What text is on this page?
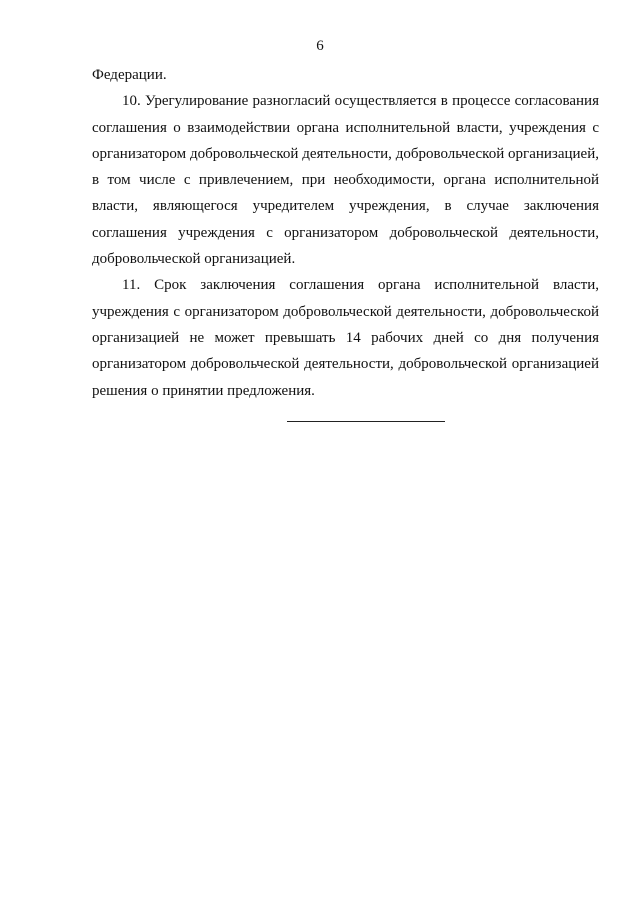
6

Федерации.

10. Урегулирование разногласий осуществляется в процессе согласования соглашения о взаимодействии органа исполнительной власти, учреждения с организатором добровольческой деятельности, добровольческой организацией, в том числе с привлечением, при необходимости, органа исполнительной власти, являющегося учредителем учреждения, в случае заключения соглашения учреждения с организатором добровольческой деятельности, добровольческой организацией.

11. Срок заключения соглашения органа исполнительной власти, учреждения с организатором добровольческой деятельности, добровольческой организацией не может превышать 14 рабочих дней со дня получения организатором добровольческой деятельности, добровольческой организацией решения о принятии предложения.
